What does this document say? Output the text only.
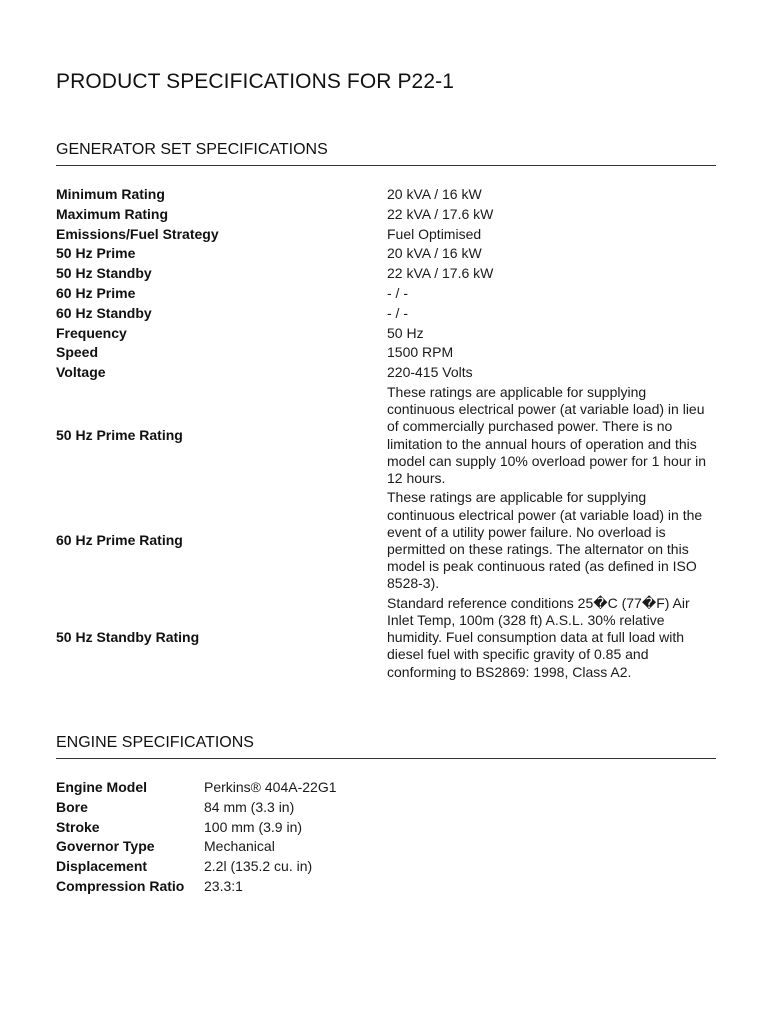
PRODUCT SPECIFICATIONS FOR P22-1
GENERATOR SET SPECIFICATIONS
Minimum Rating	20 kVA / 16 kW
Maximum Rating	22 kVA / 17.6 kW
Emissions/Fuel Strategy	Fuel Optimised
50 Hz Prime	20 kVA / 16 kW
50 Hz Standby	22 kVA / 17.6 kW
60 Hz Prime	- / -
60 Hz Standby	- / -
Frequency	50 Hz
Speed	1500 RPM
Voltage	220-415 Volts
50 Hz Prime Rating	These ratings are applicable for supplying continuous electrical power (at variable load) in lieu of commercially purchased power. There is no limitation to the annual hours of operation and this model can supply 10% overload power for 1 hour in 12 hours.
60 Hz Prime Rating	These ratings are applicable for supplying continuous electrical power (at variable load) in the event of a utility power failure. No overload is permitted on these ratings. The alternator on this model is peak continuous rated (as defined in ISO 8528-3).
50 Hz Standby Rating	Standard reference conditions 25�C (77�F) Air Inlet Temp, 100m (328 ft) A.S.L. 30% relative humidity. Fuel consumption data at full load with diesel fuel with specific gravity of 0.85 and conforming to BS2869: 1998, Class A2.
ENGINE SPECIFICATIONS
Engine Model	Perkins® 404A-22G1
Bore	84 mm (3.3 in)
Stroke	100 mm (3.9 in)
Governor Type	Mechanical
Displacement	2.2l (135.2 cu. in)
Compression Ratio	23.3:1
